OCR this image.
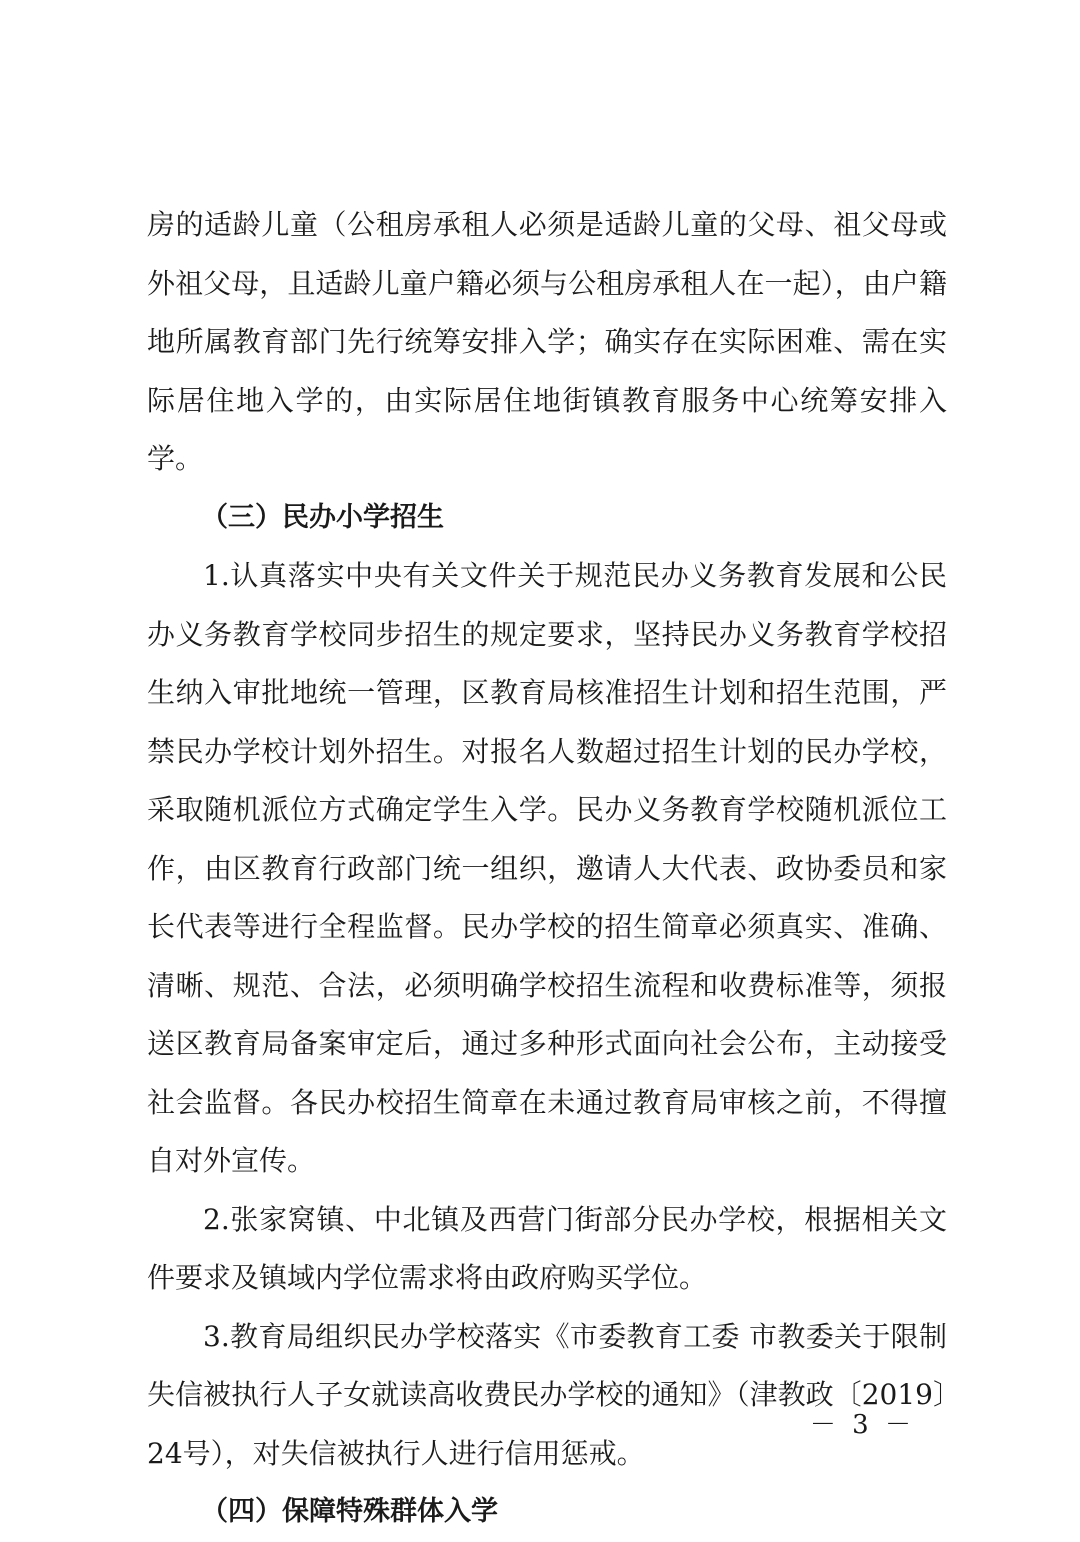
房的适龄儿童（公租房承租人必须是适龄儿童的父母、祖父母或外祖父母，且适龄儿童户籍必须与公租房承租人在一起），由户籍地所属教育部门先行统筹安排入学；确实存在实际困难、需在实际居住地入学的，由实际居住地街镇教育服务中心统筹安排入学。

（三）民办小学招生

1.认真落实中央有关文件关于规范民办义务教育发展和公民办义务教育学校同步招生的规定要求，坚持民办义务教育学校招生纳入审批地统一管理，区教育局核准招生计划和招生范围，严禁民办学校计划外招生。对报名人数超过招生计划的民办学校，采取随机派位方式确定学生入学。民办义务教育学校随机派位工作，由区教育行政部门统一组织，邀请人大代表、政协委员和家长代表等进行全程监督。民办学校的招生简章必须真实、准确、清晰、规范、合法，必须明确学校招生流程和收费标准等，须报送区教育局备案审定后，通过多种形式面向社会公布，主动接受社会监督。各民办校招生简章在未通过教育局审核之前，不得擅自对外宣传。

2.张家窝镇、中北镇及西营门街部分民办学校，根据相关文件要求及镇域内学位需求将由政府购买学位。

3.教育局组织民办学校落实《市委教育工委 市教委关于限制失信被执行人子女就读高收费民办学校的通知》（津教政〔2019〕24号），对失信被执行人进行信用惩戒。

（四）保障特殊群体入学

－ 3 －
